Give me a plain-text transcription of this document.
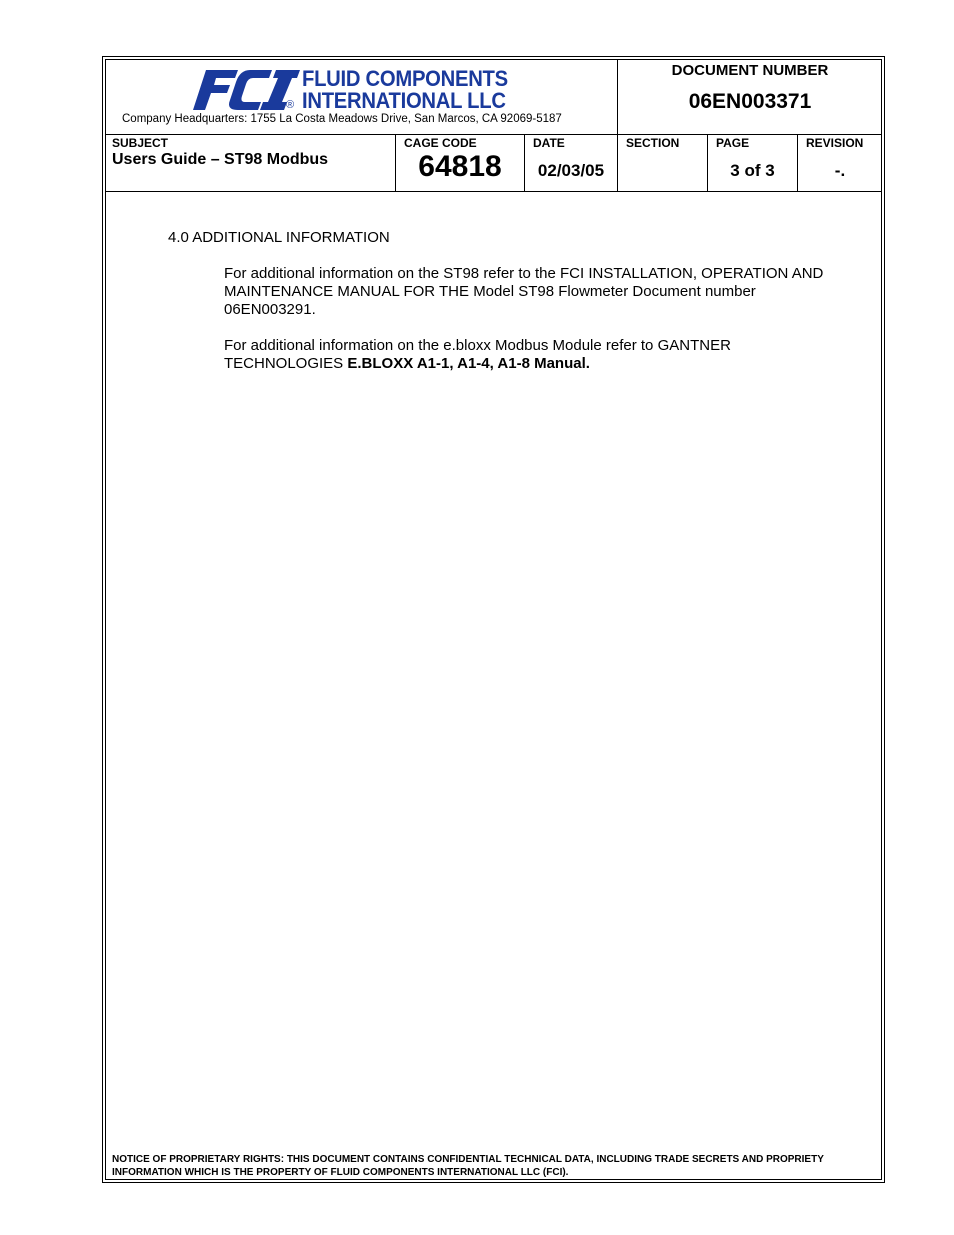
®
FLUID COMPONENTS
INTERNATIONAL LLC
Company Headquarters: 1755 La Costa Meadows Drive, San Marcos, CA 92069-5187
DOCUMENT NUMBER
06EN003371
SUBJECT
Users Guide – ST98 Modbus
CAGE CODE
64818
DATE
02/03/05
SECTION	PAGE
3 of 3
REVISION
-.
4.0 ADDITIONAL INFORMATION
For additional information on the ST98 refer to the FCI INSTALLATION, OPERATION AND MAINTENANCE MANUAL FOR THE Model ST98 Flowmeter Document number 06EN003291.
For additional information on the e.bloxx Modbus Module refer to GANTNER TECHNOLOGIES E.BLOXX A1-1, A1-4, A1-8 Manual.
NOTICE OF PROPRIETARY RIGHTS: THIS DOCUMENT CONTAINS CONFIDENTIAL TECHNICAL DATA, INCLUDING TRADE SECRETS AND PROPRIETY INFORMATION WHICH IS THE PROPERTY OF FLUID COMPONENTS INTERNATIONAL LLC (FCI).
